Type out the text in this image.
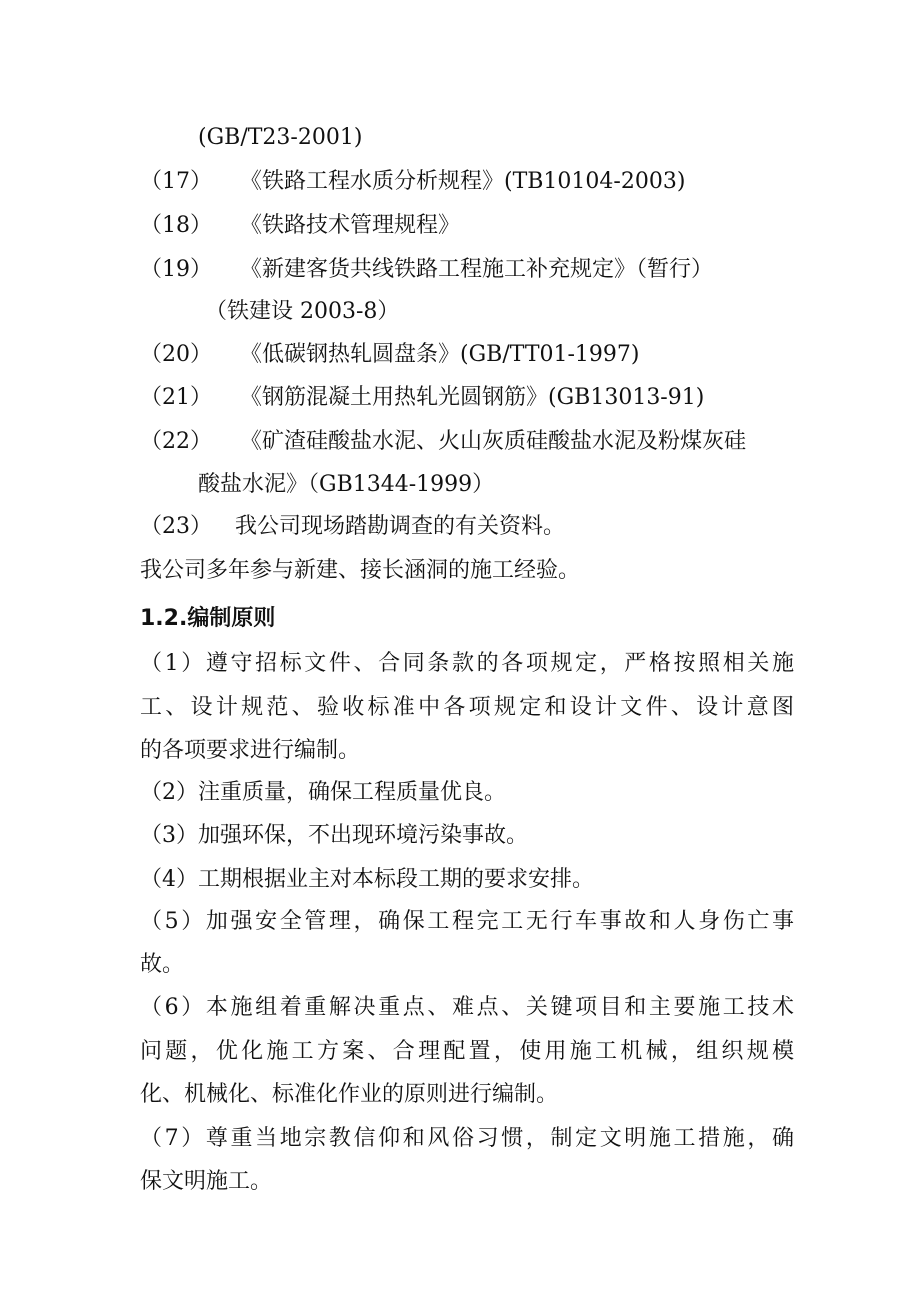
(GB/T23-2001)
（17） 《铁路工程水质分析规程》(TB10104-2003)
（18） 《铁路技术管理规程》
（19） 《新建客货共线铁路工程施工补充规定》（暂行）
（铁建设 2003-8）
（20） 《低碳钢热轧圆盘条》(GB/TT01-1997)
（21） 《钢筋混凝土用热轧光圆钢筋》(GB13013-91)
（22） 《矿渣硅酸盐水泥、火山灰质硅酸盐水泥及粉煤灰硅
酸盐水泥》（GB1344-1999）
（23） 我公司现场踏勘调查的有关资料。
我公司多年参与新建、接长涵洞的施工经验。
1.2.编制原则
（1）遵守招标文件、合同条款的各项规定，严格按照相关施
工、设计规范、验收标准中各项规定和设计文件、设计意图
的各项要求进行编制。
（2）注重质量，确保工程质量优良。
（3）加强环保，不出现环境污染事故。
（4）工期根据业主对本标段工期的要求安排。
（5）加强安全管理，确保工程完工无行车事故和人身伤亡事
故。
（6）本施组着重解决重点、难点、关键项目和主要施工技术
问题，优化施工方案、合理配置，使用施工机械，组织规模
化、机械化、标准化作业的原则进行编制。
（7）尊重当地宗教信仰和风俗习惯，制定文明施工措施，确
保文明施工。
